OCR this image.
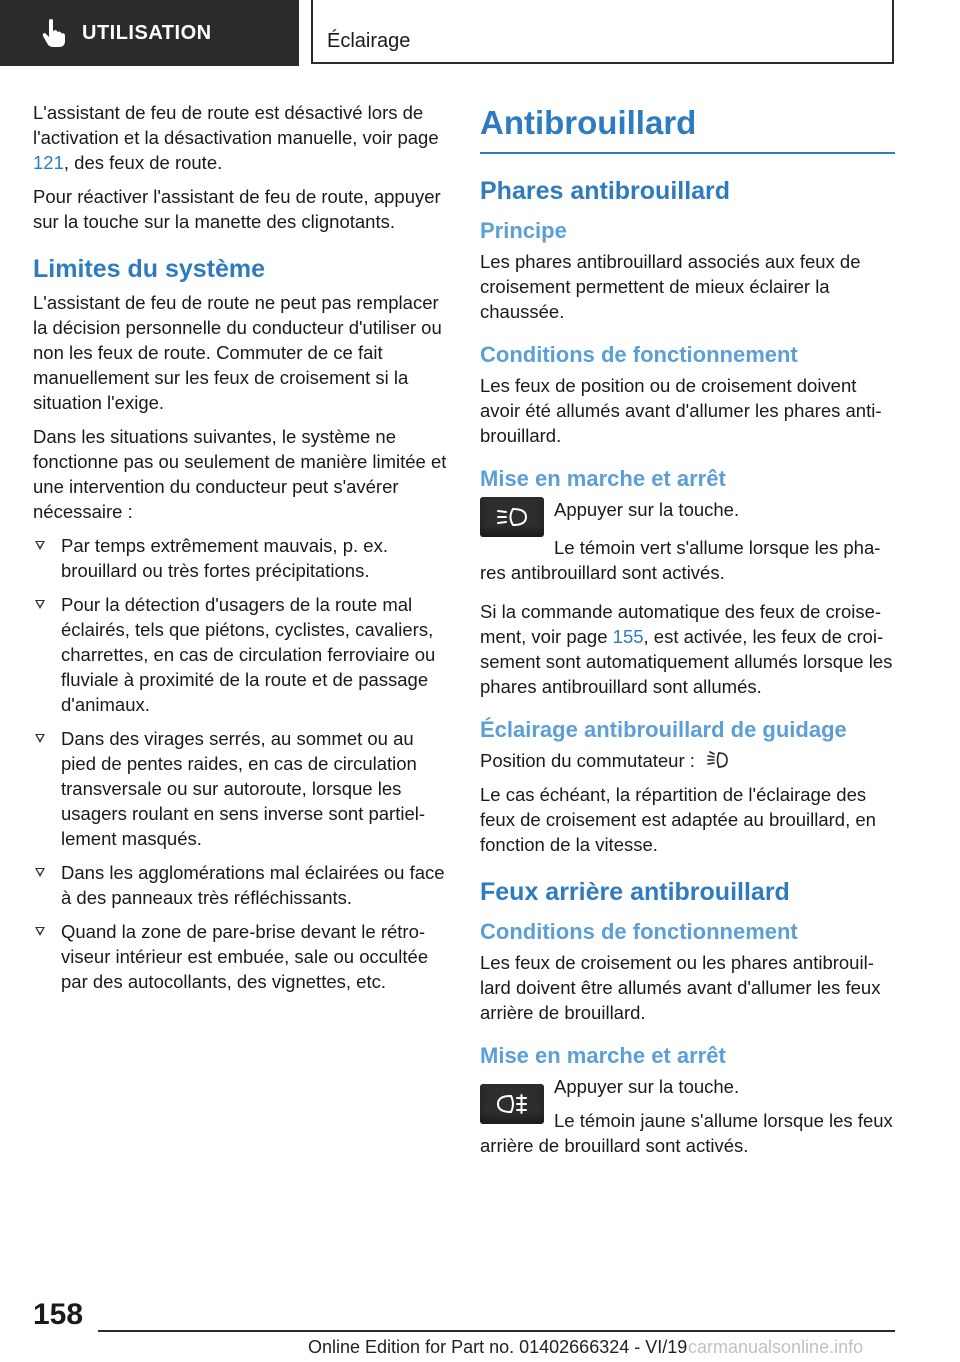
UTILISATION	Éclairage

L'assistant de feu de route est désactivé lors de l'activation et la désactivation manuelle, voir page 121, des feux de route.

Pour réactiver l'assistant de feu de route, appuyer sur la touche sur la manette des clignotants.

Limites du système

L'assistant de feu de route ne peut pas remplacer la décision personnelle du conducteur d'utiliser ou non les feux de route. Commuter de ce fait manuellement sur les feux de croisement si la situation l'exige.

Dans les situations suivantes, le système ne fonctionne pas ou seulement de manière limitée et une intervention du conducteur peut s'avérer nécessaire :

Par temps extrêmement mauvais, p. ex. brouillard ou très fortes précipitations.
Pour la détection d'usagers de la route mal éclairés, tels que piétons, cyclistes, cavaliers, charrettes, en cas de circulation ferroviaire ou fluviale à proximité de la route et de passage d'animaux.
Dans des virages serrés, au sommet ou au pied de pentes raides, en cas de circulation transversale ou sur autoroute, lorsque les usagers roulant en sens inverse sont partiellement masqués.
Dans les agglomérations mal éclairées ou face à des panneaux très réfléchissants.
Quand la zone de pare-brise devant le rétroviseur intérieur est embuée, sale ou occultée par des autocollants, des vignettes, etc.
Antibrouillard
Phares antibrouillard
Principe

Les phares antibrouillard associés aux feux de croisement permettent de mieux éclairer la chaussée.

Conditions de fonctionnement

Les feux de position ou de croisement doivent avoir été allumés avant d'allumer les phares antibrouillard.

Mise en marche et arrêt

Appuyer sur la touche.

Le témoin vert s'allume lorsque les phares antibrouillard sont activés.

Si la commande automatique des feux de croisement, voir page 155, est activée, les feux de croisement sont automatiquement allumés lorsque les phares antibrouillard sont allumés.

Éclairage antibrouillard de guidage

Position du commutateur :

Le cas échéant, la répartition de l'éclairage des feux de croisement est adaptée au brouillard, en fonction de la vitesse.

Feux arrière antibrouillard
Conditions de fonctionnement

Les feux de croisement ou les phares antibrouillard doivent être allumés avant d'allumer les feux arrière de brouillard.

Mise en marche et arrêt

Appuyer sur la touche.

Le témoin jaune s'allume lorsque les feux arrière de brouillard sont activés.

158
Online Edition for Part no. 01402666324 - VI/19 carmanualsonline.info
